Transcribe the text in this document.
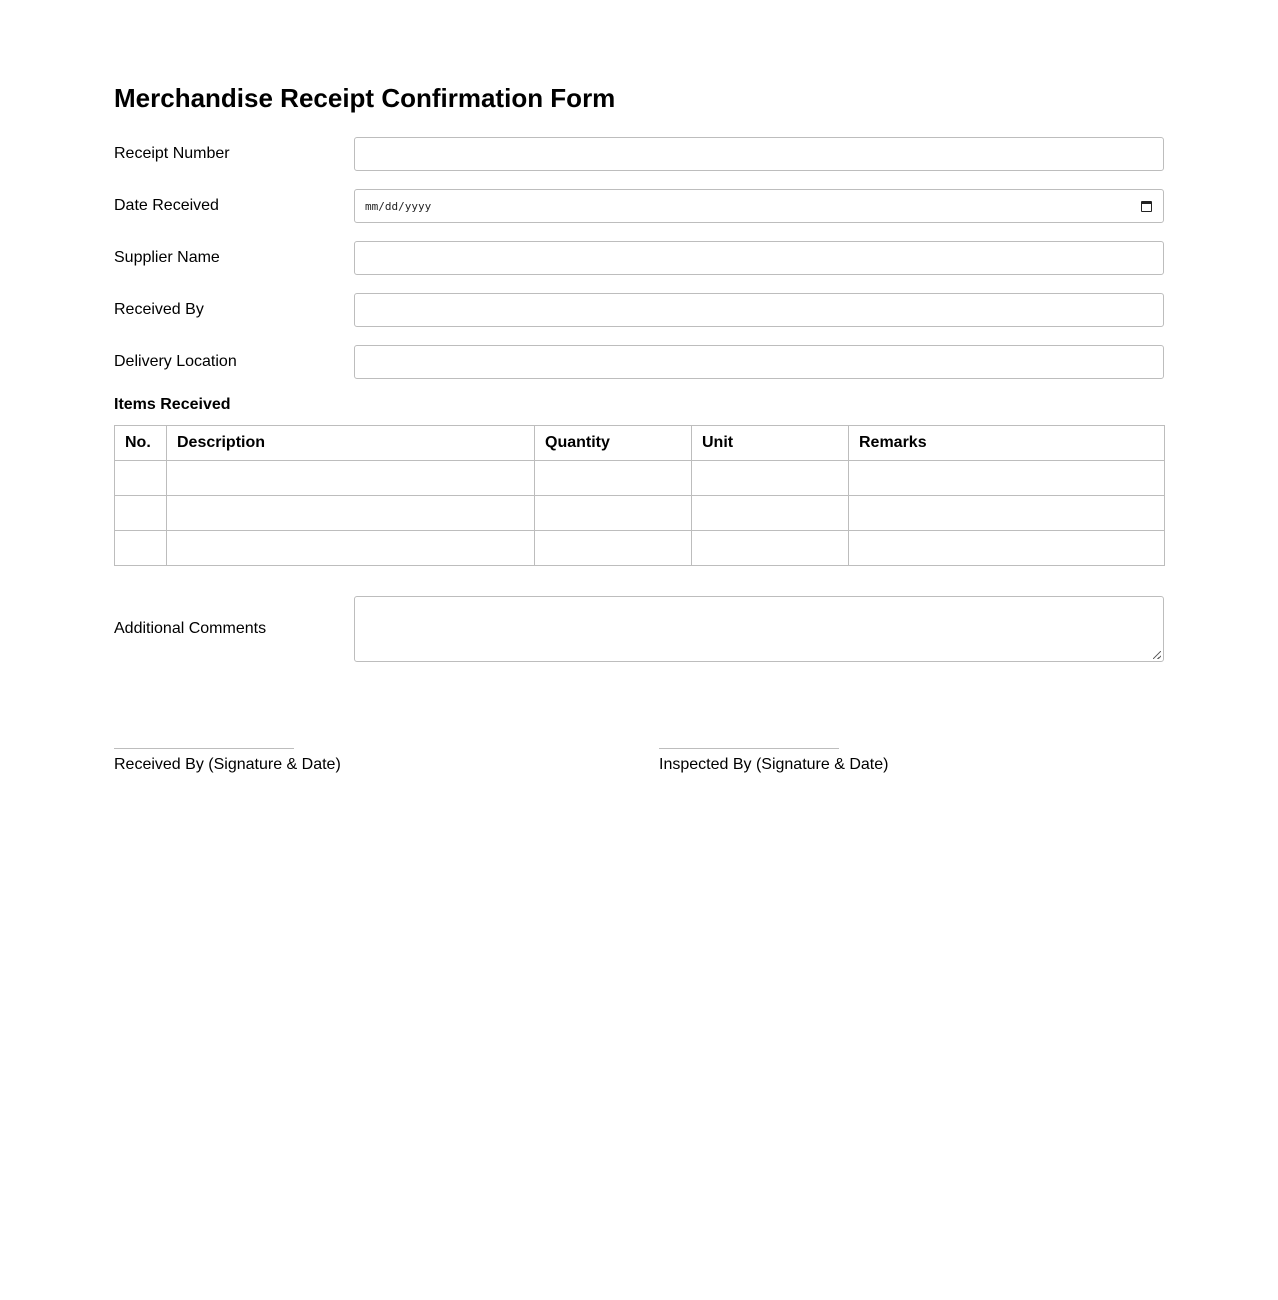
Merchandise Receipt Confirmation Form
Receipt Number
Date Received	mm/dd/yyyy
Supplier Name
Received By
Delivery Location
Items Received
No.	Description	Quantity	Unit	Remarks

Additional Comments
Received By (Signature & Date)	Inspected By (Signature & Date)
